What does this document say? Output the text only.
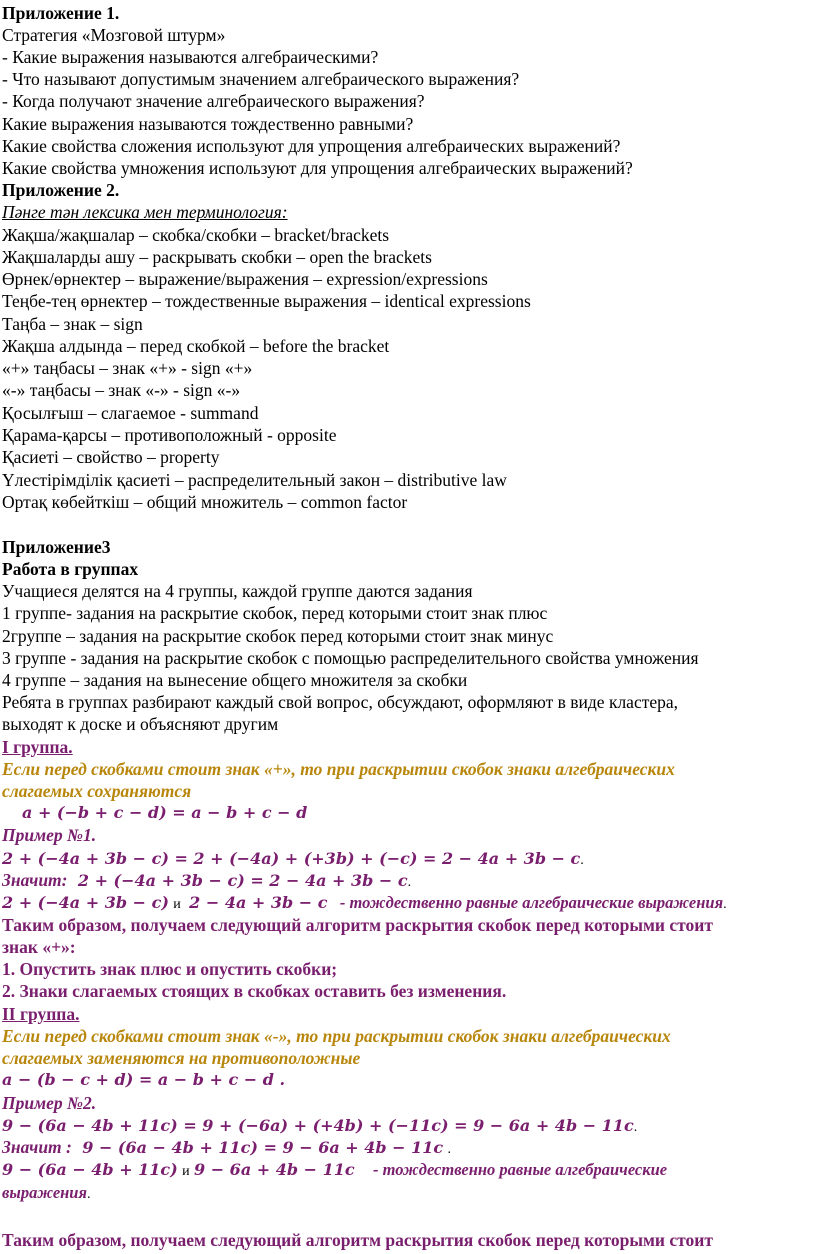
Приложение 1.
Стратегия «Мозговой штурм»
- Какие выражения называются алгебраическими?
- Что называют допустимым значением алгебраического выражения?
- Когда получают значение алгебраического выражения?
Какие выражения называются тождественно равными?
Какие свойства сложения используют для упрощения алгебраических выражений?
Какие свойства умножения используют для упрощения алгебраических выражений?
Приложение 2.
Пәнге тән лексика мен терминология:
Жақша/жақшалар – скобка/скобки – bracket/brackets
Жақшаларды ашу – раскрывать скобки – open the brackets
Өрнек/өрнектер – выражение/выражения – expression/expressions
Теңбе-тең өрнектер – тождественные выражения – identical expressions
Таңба – знак – sign
Жақша алдында – перед скобкой – before the bracket
«+» таңбасы – знак «+» - sign «+»
«-» таңбасы – знак «-» - sign «-»
Қосылғыш – слагаемое - summand
Қарама-қарсы – противоположный - opposite
Қасиеті – свойство – property
Үлестірімділік қасиеті – распределительный закон – distributive law
Ортақ көбейткіш – общий множитель – common factor
Приложение3
Работа в группах
Учащиеся делятся на 4 группы, каждой группе даются задания
1 группе- задания на раскрытие скобок, перед которыми стоит знак плюс
2группе – задания на раскрытие скобок перед которыми стоит знак минус
3 группе - задания на раскрытие скобок с помощью распределительного свойства умножения
4 группе – задания на вынесение общего множителя за скобки
Ребята в группах разбирают каждый свой вопрос, обсуждают, оформляют в виде кластера,
выходят к доске и объясняют другим
I группа.
Если перед скобками стоит знак «+», то при раскрытии скобок знаки алгебраических
слагаемых сохраняются
a + (−b + c − d) = a − b + c − d
Пример №1.
2 + (−4a + 3b − c) = 2 + (−4a) + (+3b) + (−c) = 2 − 4a + 3b − c.
Значит: 2 + (−4a + 3b − c) = 2 − 4a + 3b − c.
2 + (−4a + 3b − c) и 2 − 4a + 3b − c - тождественно равные алгебраические выражения.
Таким образом, получаем следующий алгоритм раскрытия скобок перед которыми стоит
знак «+»:
1. Опустить знак плюс и опустить скобки;
2. Знаки слагаемых стоящих в скобках оставить без изменения.
II группа.
Если перед скобками стоит знак «-», то при раскрытии скобок знаки алгебраических
слагаемых заменяются на противоположные
a − (b − c + d) = a − b + c − d .
Пример №2.
9 − (6a − 4b + 11c) = 9 + (−6a) + (+4b) + (−11c) = 9 − 6a + 4b − 11c.
Значит : 9 − (6a − 4b + 11c) = 9 − 6a + 4b − 11c .
9 − (6a − 4b + 11c) и 9 − 6a + 4b − 11c - тождественно равные алгебраические
выражения.
Таким образом, получаем следующий алгоритм раскрытия скобок перед которыми стоит
